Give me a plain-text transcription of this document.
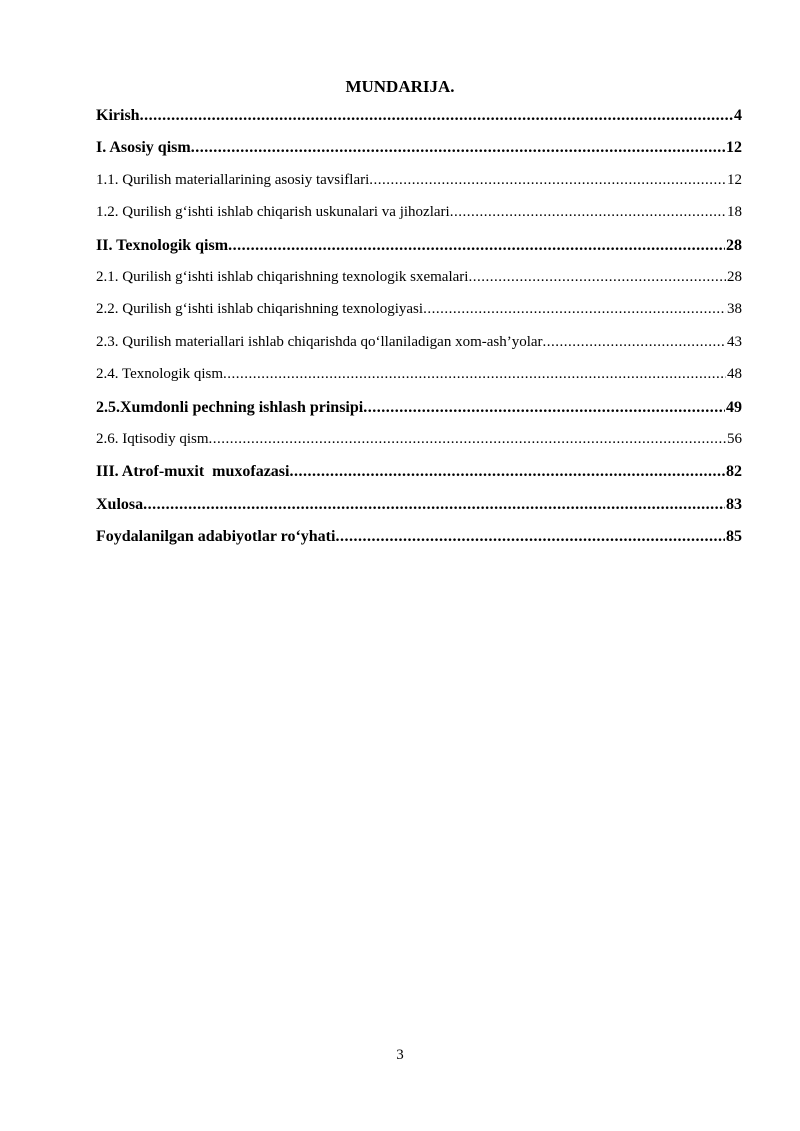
MUNDARIJA.
Kirish .....	4
I. Asosiy qism .....	12
1.1. Qurilish materiallarining asosiy tavsiflari .....	12
1.2. Qurilish g‘ishti ishlab chiqarish uskunalari va jihozlari .....	18
II. Texnologik qism .....	28
2.1. Qurilish g‘ishti ishlab chiqarishning texnologik sxemalari .....	28
2.2. Qurilish g‘ishti ishlab chiqarishning texnologiyasi .....	38
2.3. Qurilish materiallari ishlab chiqarishda qo‘llaniladigan xom-ash’yolar .....	43
2.4. Texnologik qism .....	48
2.5. Xumdonli pechning ishlash prinsipi .....	49
2.6. Iqtisodiy qism .....	56
III. Atrof-muxit  muxofazasi .....	82
Xulosa .....	83
Foydalanilgan adabiyotlar ro‘yhati .....	85
3
